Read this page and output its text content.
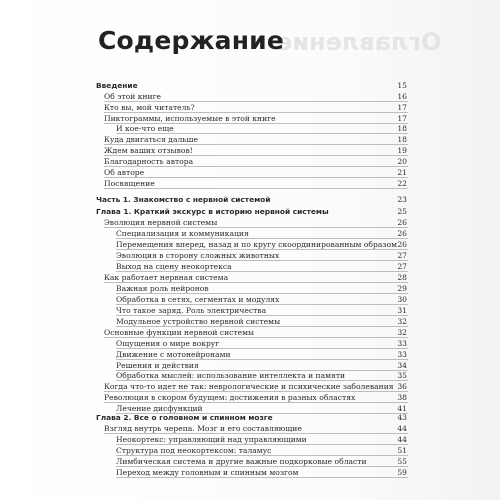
Оглавление
Содержание
Введение	15
Об этой книге	16
Кто вы, мой читатель?	17
Пиктограммы, используемые в этой книге	17
И кое-что еще	18
Куда двигаться дальше	18
Ждем ваших отзывов!	19
Благодарность автора	20
Об авторе	21
Посвящение	22
Часть 1. Знакомство с нервной системой	23
Глава 1. Краткий экскурс в историю нервной системы	25
Эволюция нервной системы	26
Специализация и коммуникация	26
Перемещения вперед, назад и по кругу скоординированным образом 26
Эволюция в сторону сложных животных	27
Выход на сцену неокортекса	27
Как работает нервная система	28
Важная роль нейронов	29
Обработка в сетях, сегментах и модулях	30
Что такое заряд. Роль электричества	31
Модульное устройство нервной системы	32
Основные функции нервной системы	32
Ощущения о мире вокруг	33
Движение с мотонейронами	33
Решения и действия	34
Обработка мыслей: использование интеллекта и памяти	35
Когда что-то идет не так: неврологические и психические заболевания 36
Революция в скором будущем: достижения в разных областях	38
Лечение дисфункций	41
Глава 2. Все о головном и спинном мозге	43
Взгляд внутрь черепа. Мозг и его составляющие	44
Неокортекс: управляющий над управляющими	44
Структура под неокортексом: таламус	51
Лимбическая система и другие важные подкорковые области	55
Переход между головным и спинным мозгом	59
